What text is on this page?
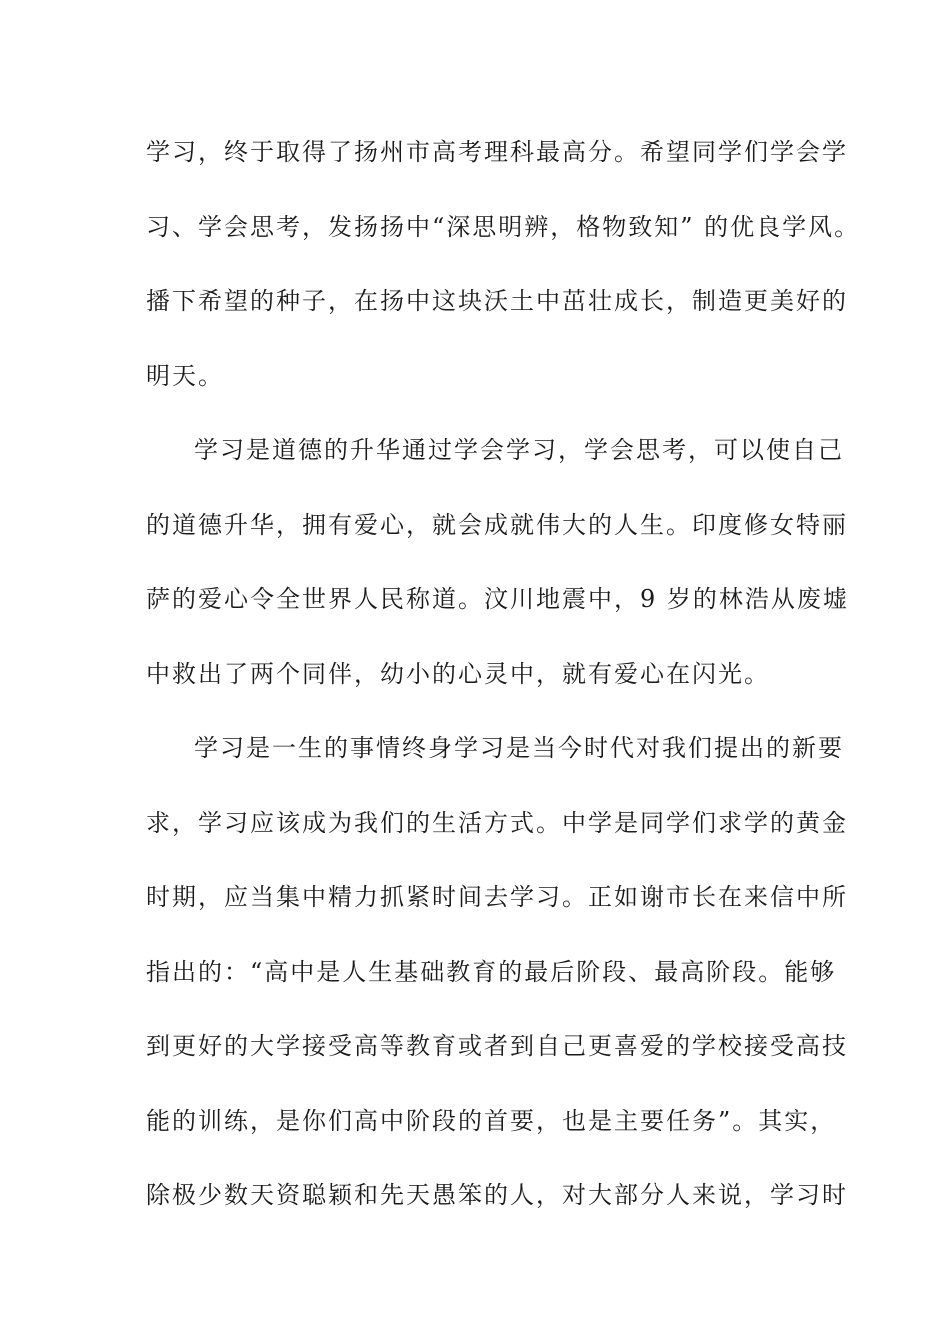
学习，终于取得了扬州市高考理科最高分。希望同学们学会学
习、学会思考，发扬扬中“深思明辨，格物致知” 的优良学风。
播下希望的种子，在扬中这块沃土中茁壮成长，制造更美好的
明天。
学习是道德的升华通过学会学习，学会思考，可以使自己
的道德升华，拥有爱心，就会成就伟大的人生。印度修女特丽
萨的爱心令全世界人民称道。汶川地震中，9 岁的林浩从废墟
中救出了两个同伴，幼小的心灵中，就有爱心在闪光。
学习是一生的事情终身学习是当今时代对我们提出的新要
求，学习应该成为我们的生活方式。中学是同学们求学的黄金
时期，应当集中精力抓紧时间去学习。正如谢市长在来信中所
指出的：“高中是人生基础教育的最后阶段、最高阶段。能够
到更好的大学接受高等教育或者到自己更喜爱的学校接受高技
能的训练，是你们高中阶段的首要，也是主要任务”。其实，
除极少数天资聪颖和先天愚笨的人，对大部分人来说，学习时
